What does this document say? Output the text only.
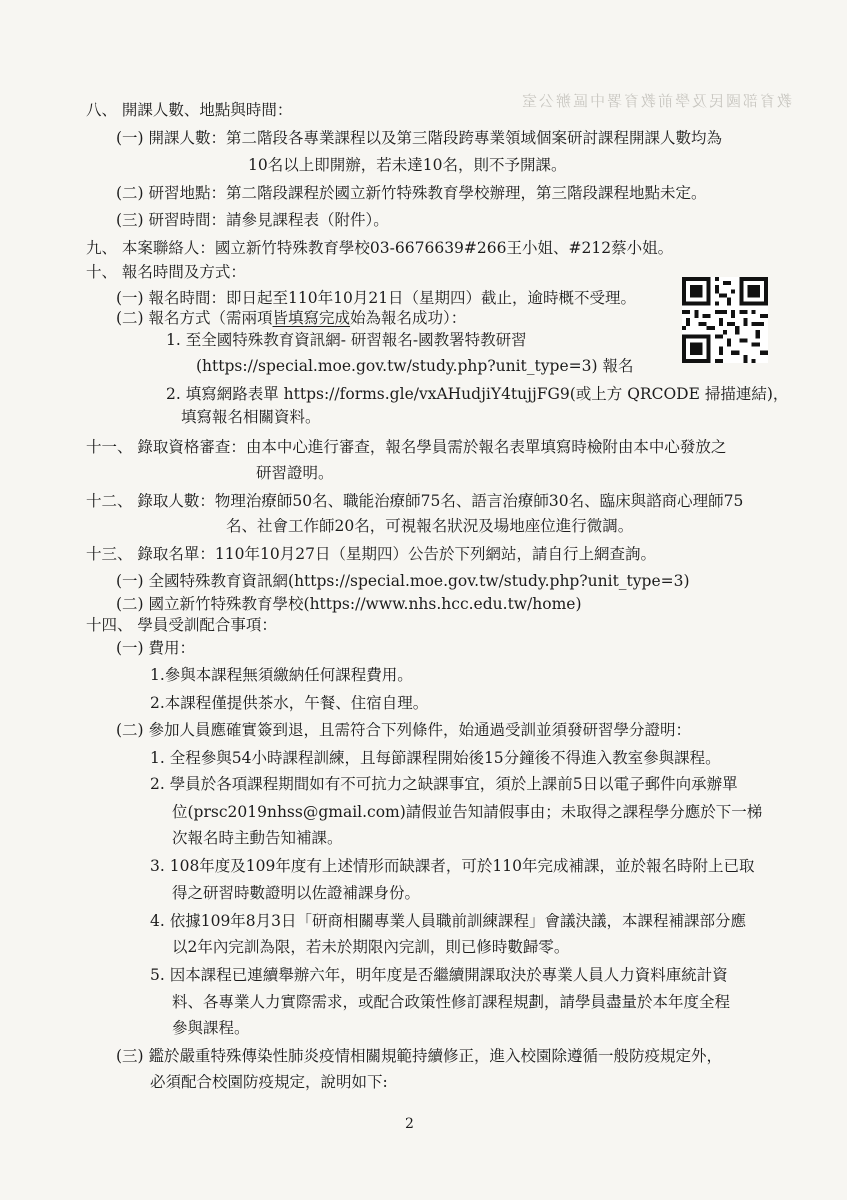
教育部國民及學前教育署中區辦公室
八、 開課人數、地點與時間：
(一) 開課人數：第二階段各專業課程以及第三階段跨專業領域個案研討課程開課人數均為
10名以上即開辦，若未達10名，則不予開課。
(二) 研習地點：第二階段課程於國立新竹特殊教育學校辦理，第三階段課程地點未定。
(三) 研習時間：請參見課程表（附件）。
九、 本案聯絡人：國立新竹特殊教育學校03-6676639#266王小姐、#212蔡小姐。
十、 報名時間及方式：
(一) 報名時間：即日起至110年10月21日（星期四）截止，逾時概不受理。
(二) 報名方式（需兩項皆填寫完成始為報名成功）：
1. 至全國特殊教育資訊網- 研習報名-國教署特教研習
(https://special.moe.gov.tw/study.php?unit_type=3) 報名
2. 填寫網路表單 https://forms.gle/vxAHudjiY4tujjFG9(或上方 QRCODE 掃描連結)，
填寫報名相關資料。
十一、 錄取資格審查：由本中心進行審查，報名學員需於報名表單填寫時檢附由本中心發放之
研習證明。
十二、 錄取人數：物理治療師50名、職能治療師75名、語言治療師30名、臨床與諮商心理師75
名、社會工作師20名，可視報名狀況及場地座位進行微調。
十三、 錄取名單：110年10月27日（星期四）公告於下列網站，請自行上網查詢。
(一) 全國特殊教育資訊網(https://special.moe.gov.tw/study.php?unit_type=3)
(二) 國立新竹特殊教育學校(https://www.nhs.hcc.edu.tw/home)
十四、 學員受訓配合事項：
(一) 費用：
1.參與本課程無須繳納任何課程費用。
2.本課程僅提供茶水，午餐、住宿自理。
(二) 參加人員應確實簽到退，且需符合下列條件，始通過受訓並須發研習學分證明：
1. 全程參與54小時課程訓練，且每節課程開始後15分鐘後不得進入教室參與課程。
2. 學員於各項課程期間如有不可抗力之缺課事宜，須於上課前5日以電子郵件向承辦單
位(prsc2019nhss@gmail.com)請假並告知請假事由；未取得之課程學分應於下一梯
次報名時主動告知補課。
3. 108年度及109年度有上述情形而缺課者，可於110年完成補課，並於報名時附上已取
得之研習時數證明以佐證補課身份。
4. 依據109年8月3日「研商相關專業人員職前訓練課程」會議決議，本課程補課部分應
以2年內完訓為限，若未於期限內完訓，則已修時數歸零。
5. 因本課程已連續舉辦六年，明年度是否繼續開課取決於專業人員人力資料庫統計資
料、各專業人力實際需求，或配合政策性修訂課程規劃，請學員盡量於本年度全程
參與課程。
(三) 鑑於嚴重特殊傳染性肺炎疫情相關規範持續修正，進入校園除遵循一般防疫規定外，
必須配合校園防疫規定，說明如下:
2
